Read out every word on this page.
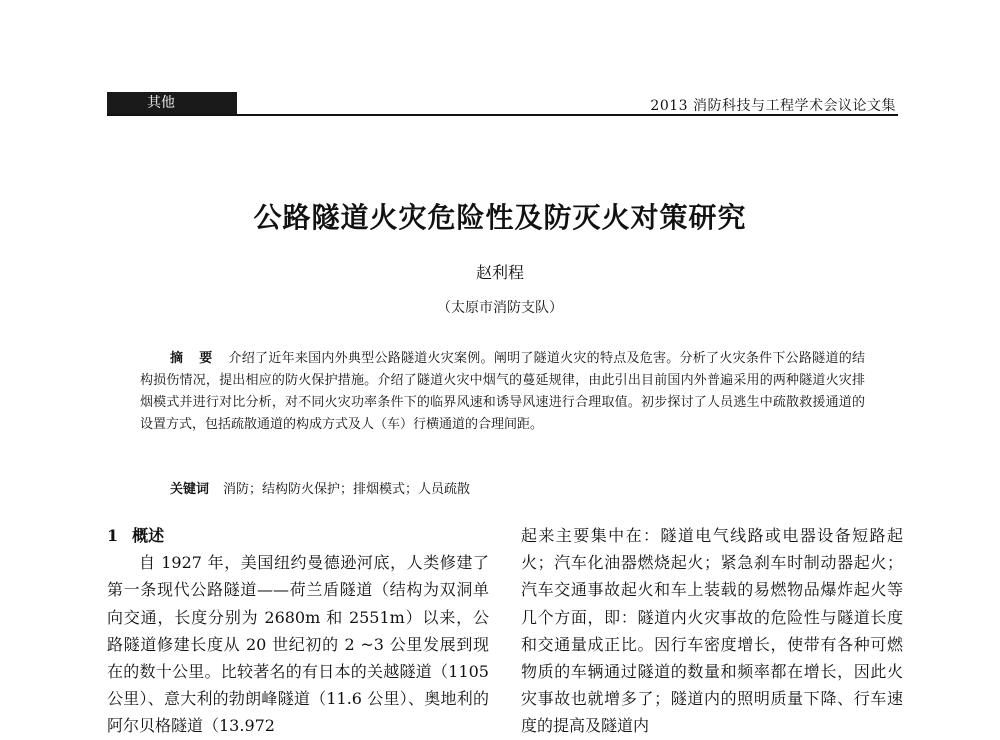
其他	2013 消防科技与工程学术会议论文集
公路隧道火灾危险性及防灭火对策研究
赵利程
（太原市消防支队）
摘要介绍了近年来国内外典型公路隧道火灾案例。阐明了隧道火灾的特点及危害。分析了火灾条件下公路隧道的结构损伤情况，提出相应的防火保护措施。介绍了隧道火灾中烟气的蔓延规律，由此引出目前国内外普遍采用的两种隧道火灾排烟模式并进行对比分析，对不同火灾功率条件下的临界风速和诱导风速进行合理取值。初步探讨了人员逃生中疏散救援通道的设置方式，包括疏散通道的构成方式及人（车）行横通道的合理间距。
关键词 消防；结构防火保护；排烟模式；人员疏散
1 概述

自 1927 年，美国纽约曼德逊河底，人类修建了第一条现代公路隧道——荷兰盾隧道（结构为双洞单向交通，长度分别为 2680m 和 2551m）以来，公路隧道修建长度从 20 世纪初的 2 ~3 公里发展到现在的数十公里。比较著名的有日本的关越隧道（1105 公里）、意大利的勃朗峰隧道（11.6 公里）、奥地利的阿尔贝格隧道（13.972

起来主要集中在：隧道电气线路或电器设备短路起火；汽车化油器燃烧起火；紧急刹车时制动器起火；汽车交通事故起火和车上装载的易燃物品爆炸起火等几个方面，即：隧道内火灾事故的危险性与隧道长度和交通量成正比。因行车密度增长，使带有各种可燃物质的车辆通过隧道的数量和频率都在增长，因此火灾事故也就增多了；隧道内的照明质量下降、行车速度的提高及隧道内
